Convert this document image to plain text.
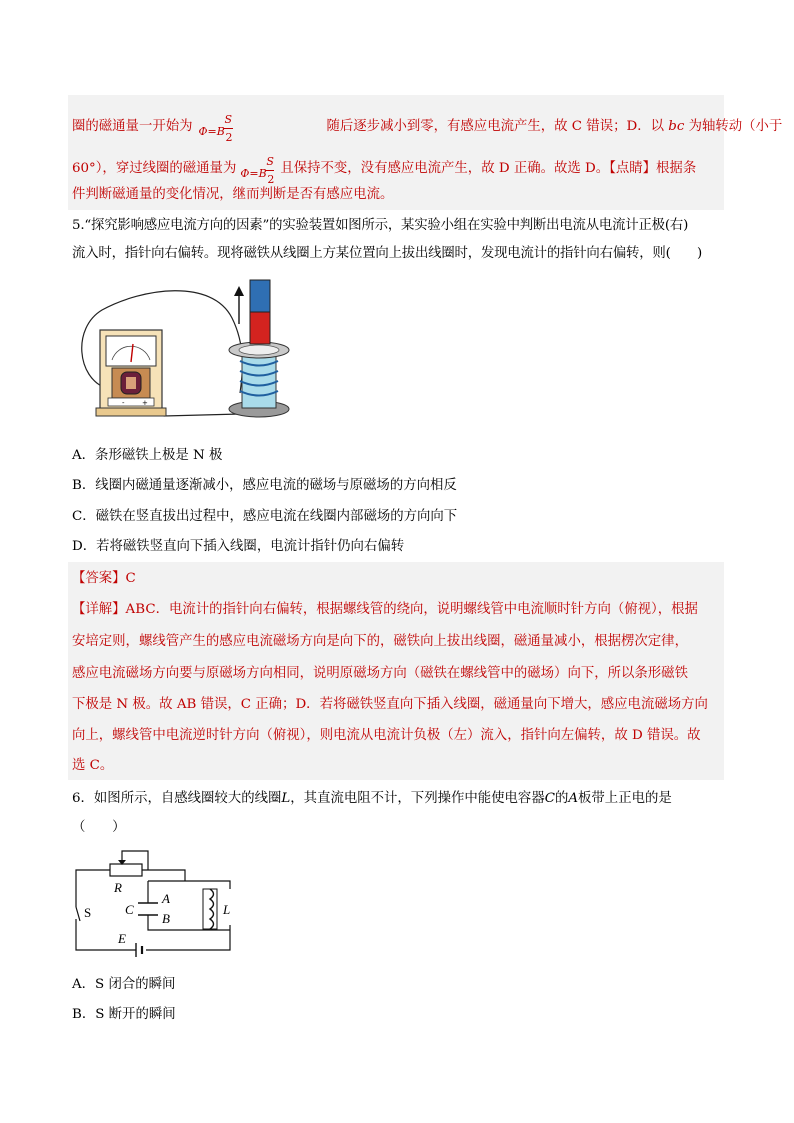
圈的磁通量一开始为 Φ=B
S
2
随后逐步减小到零，有感应电流产生，故 C 错误；D．以 bc 为轴转动（小于
60°），穿过线圈的磁通量为 Φ=B
S
2
且保持不变，没有感应电流产生，故 D 正确。故选 D。【点睛】根据条
件判断磁通量的变化情况，继而判断是否有感应电流。
5.“探究影响感应电流方向的因素”的实验装置如图所示，某实验小组在实验中判断出电流从电流计正极(右)
流入时，指针向右偏转。现将磁铁从线圈上方某位置向上拔出线圈时，发现电流计的指针向右偏转，则(　　)
- +
A．条形磁铁上极是 N 极
B．线圈内磁通量逐渐减小，感应电流的磁场与原磁场的方向相反
C．磁铁在竖直拔出过程中，感应电流在线圈内部磁场的方向向下
D．若将磁铁竖直向下插入线圈，电流计指针仍向右偏转
【答案】C
【详解】ABC．电流计的指针向右偏转，根据螺线管的绕向，说明螺线管中电流顺时针方向（俯视），根据
安培定则，螺线管产生的感应电流磁场方向是向下的，磁铁向上拔出线圈，磁通量减小，根据楞次定律，
感应电流磁场方向要与原磁场方向相同，说明原磁场方向（磁铁在螺线管中的磁场）向下，所以条形磁铁
下极是 N 极。故 AB 错误，C 正确；D．若将磁铁竖直向下插入线圈，磁通量向下增大，感应电流磁场方向
向上，螺线管中电流逆时针方向（俯视），则电流从电流计负极（左）流入，指针向左偏转，故 D 错误。故
选 C。
6．如图所示，自感线圈较大的线圈L，其直流电阻不计，下列操作中能使电容器C的A板带上正电的是
（　　）
R
S	C
A
B
L
E
A．S 闭合的瞬间
B．S 断开的瞬间
